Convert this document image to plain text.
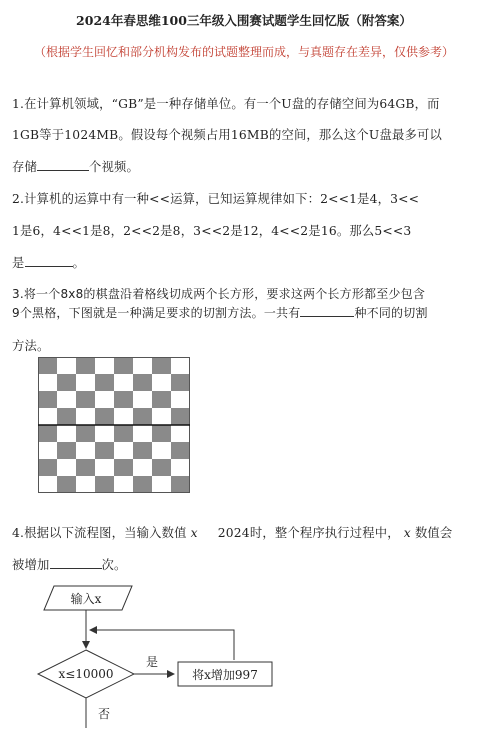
2024年春思维100三年级入围赛试题学生回忆版（附答案）
（根据学生回忆和部分机构发布的试题整理而成，与真题存在差异，仅供参考）
1.在计算机领域，“GB”是一种存储单位。有一个U盘的存储空间为64GB，而
1GB等于1024MB。假设每个视频占用16MB的空间，那么这个U盘最多可以
存储	个视频。
2.计算机的运算中有一种<<运算，已知运算规律如下：2<<1是4，3<<
1是6，4<<1是8，2<<2是8，3<<2是12，4<<2是16。那么5<<3
是	。
3.将一个8x8的棋盘沿着格线切成两个长方形，要求这两个长方形都至少包含
9个黑格，下图就是一种满足要求的切割方法。一共有	种不同的切割
方法。
4.根据以下流程图，当输入数值 x 2024时，整个程序执行过程中， x 数值会
被增加	次。
输入x
x≤10000
是
将x增加997
否
